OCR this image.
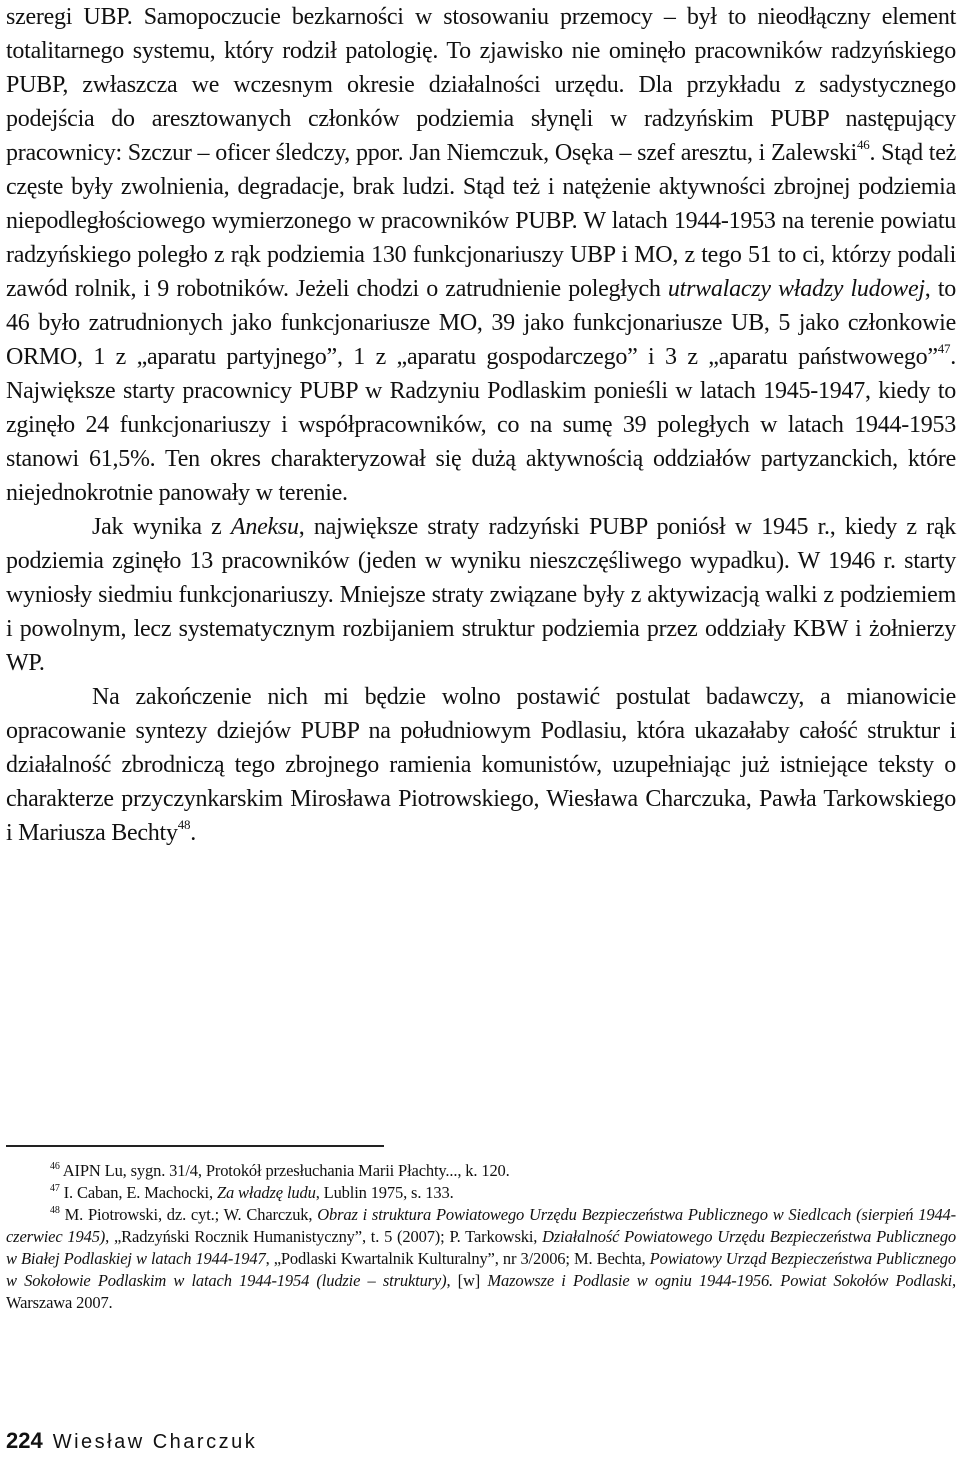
szeregi UBP. Samopoczucie bezkarności w stosowaniu przemocy – był to nieodłączny element totalitarnego systemu, który rodził patologię. To zjawisko nie ominęło pracowników radzyńskiego PUBP, zwłaszcza we wczesnym okresie działalności urzędu. Dla przykładu z sadystycznego podejścia do aresztowanych członków podziemia słynęli w radzyńskim PUBP następujący pracownicy: Szczur – oficer śledczy, ppor. Jan Niemczuk, Osęka – szef aresztu, i Zalewski$^{46}$. Stąd też częste były zwolnienia, degradacje, brak ludzi. Stąd też i natężenie aktywności zbrojnej podziemia niepodległościowego wymierzonego w pracowników PUBP. W latach 1944-1953 na terenie powiatu radzyńskiego poległo z rąk podziemia 130 funkcjonariuszy UBP i MO, z tego 51 to ci, którzy podali zawód rolnik, i 9 robotników. Jeżeli chodzi o zatrudnienie poległych utrwalaczy władzy ludowej, to 46 było zatrudnionych jako funkcjonariusze MO, 39 jako funkcjonariusze UB, 5 jako członkowie ORMO, 1 z „aparatu partyjnego”, 1 z „aparatu gospodarczego” i 3 z „aparatu państwowego”$^{47}$. Największe starty pracownicy PUBP w Radzyniu Podlaskim ponieśli w latach 1945-1947, kiedy to zginęło 24 funkcjonariuszy i współpracowników, co na sumę 39 poległych w latach 1944-1953 stanowi 61,5%. Ten okres charakteryzował się dużą aktywnością oddziałów partyzanckich, które niejednokrotnie panowały w terenie.

Jak wynika z Aneksu, największe straty radzyński PUBP poniósł w 1945 r., kiedy z rąk podziemia zginęło 13 pracowników (jeden w wyniku nieszczęśliwego wypadku). W 1946 r. starty wyniosły siedmiu funkcjonariuszy. Mniejsze straty związane były z aktywizacją walki z podziemiem i powolnym, lecz systematycznym rozbijaniem struktur podziemia przez oddziały KBW i żołnierzy WP.

Na zakończenie nich mi będzie wolno postawić postulat badawczy, a mianowicie opracowanie syntezy dziejów PUBP na południowym Podlasiu, która ukazałaby całość struktur i działalność zbrodniczą tego zbrojnego ramienia komunistów, uzupełniając już istniejące teksty o charakterze przyczynkarskim Mirosława Piotrowskiego, Wiesława Charczuka, Pawła Tarkowskiego i Mariusza Bechty$^{48}$.

$^{46}$ AIPN Lu, sygn. 31/4, Protokół przesłuchania Marii Płachty..., k. 120.

$^{47}$ I. Caban, E. Machocki, Za władzę ludu, Lublin 1975, s. 133.

$^{48}$ M. Piotrowski, dz. cyt.; W. Charczuk, Obraz i struktura Powiatowego Urzędu Bezpieczeństwa Publicznego w Siedlcach (sierpień 1944-czerwiec 1945), „Radzyński Rocznik Humanistyczny”, t. 5 (2007); P. Tarkowski, Działalność Powiatowego Urzędu Bezpieczeństwa Publicznego w Białej Podlaskiej w latach 1944-1947, „Podlaski Kwartalnik Kulturalny”, nr 3/2006; M. Bechta, Powiatowy Urząd Bezpieczeństwa Publicznego w Sokołowie Podlaskim w latach 1944-1954 (ludzie – struktury), [w] Mazowsze i Podlasie w ogniu 1944-1956. Powiat Sokołów Podlaski, Warszawa 2007.

224 Wiesław Charczuk
